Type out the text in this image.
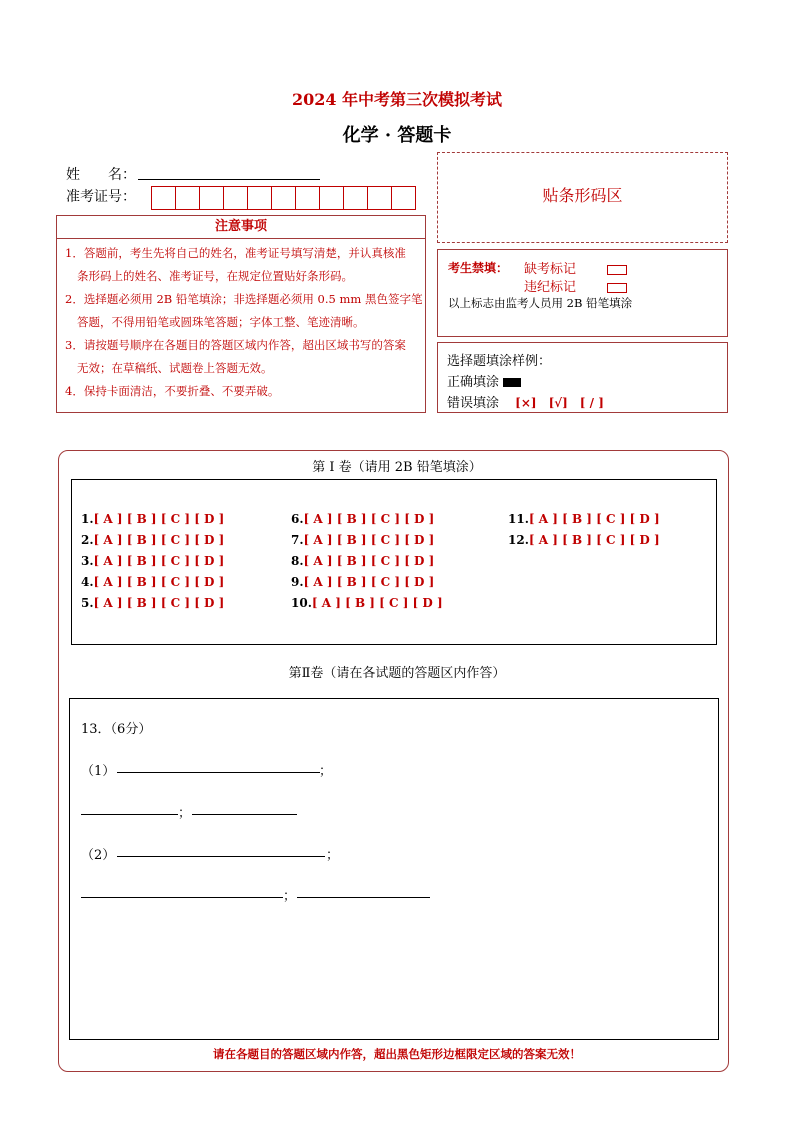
2024 年中考第三次模拟考试
化学 · 答题卡
姓　　名：
准考证号：
注意事项
1．答题前，考生先将自己的姓名，准考证号填写清楚，并认真核准
条形码上的姓名、准考证号，在规定位置贴好条形码。
2．选择题必须用 2B 铅笔填涂；非选择题必须用 0.5 mm 黑色签字笔
答题，不得用铅笔或圆珠笔答题；字体工整、笔迹清晰。
3．请按题号顺序在各题目的答题区域内作答，超出区域书写的答案
无效；在草稿纸、试题卷上答题无效。
4．保持卡面清洁，不要折叠、不要弄破。
贴条形码区
考生禁填： 缺考标记
违纪标记
以上标志由监考人员用 2B 铅笔填涂
选择题填涂样例：
正确填涂
错误填涂 [×]　[√]　[ / ]
第 I 卷（请用 2B 铅笔填涂）
1.[ A ] [ B ] [ C ] [ D ]
2.[ A ] [ B ] [ C ] [ D ]
3.[ A ] [ B ] [ C ] [ D ]
4.[ A ] [ B ] [ C ] [ D ]
5.[ A ] [ B ] [ C ] [ D ]
6.[ A ] [ B ] [ C ] [ D ]
7.[ A ] [ B ] [ C ] [ D ]
8.[ A ] [ B ] [ C ] [ D ]
9.[ A ] [ B ] [ C ] [ D ]
10.[ A ] [ B ] [ C ] [ D ]
11.[ A ] [ B ] [ C ] [ D ]
12.[ A ] [ B ] [ C ] [ D ]
第Ⅱ卷（请在各试题的答题区内作答）
13．（6分）
（1）	；
；
（2）	；
；
请在各题目的答题区域内作答，超出黑色矩形边框限定区域的答案无效！
